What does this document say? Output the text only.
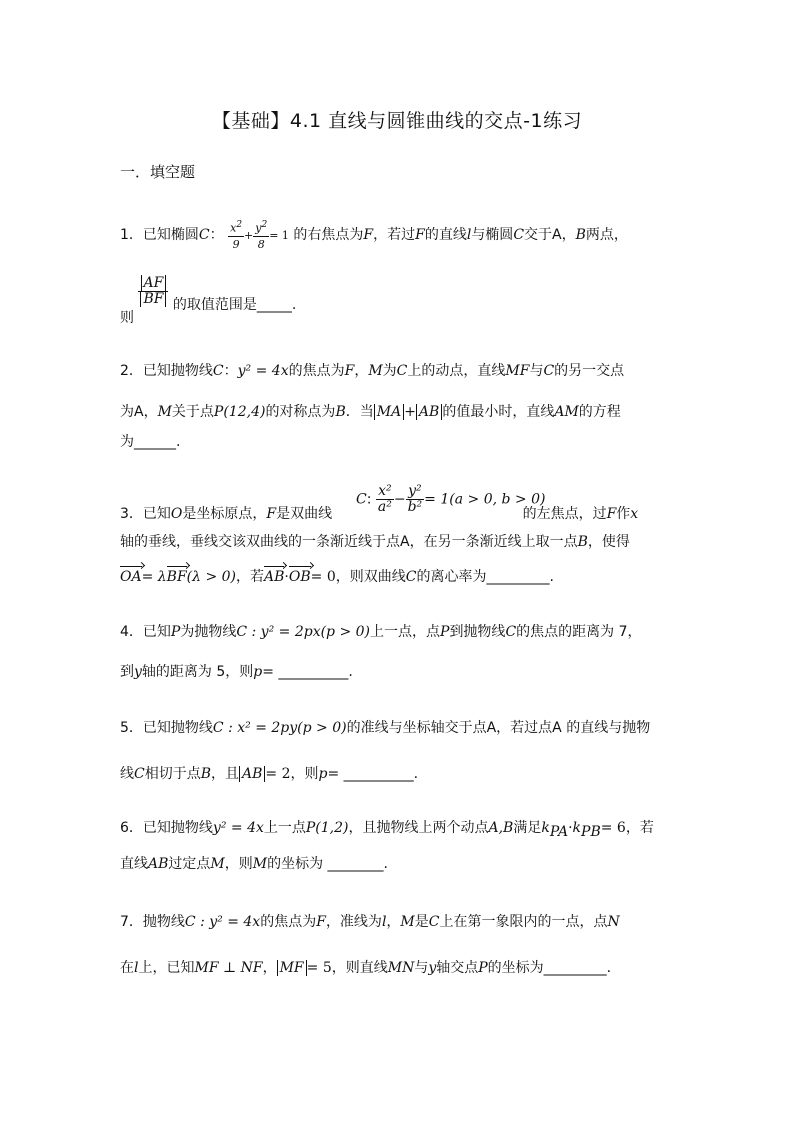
【基础】4.1 直线与圆锥曲线的交点-1练习
一．填空题
1．已知椭圆C： $\frac{x^2}{9} + \frac{y^2}{8} = 1$ 的右焦点为F，若过F的直线l与椭圆C交于A，B两点，
则
$\frac{AF}{BF}$ 的取值范围是_____.
2．已知抛物线C：y² = 4x的焦点为F，M为C上的动点，直线MF与C的另一交点
为A，M关于点P(12,4)的对称点为B．当 MA + AB 的值最小时，直线AM的方程
为______.
C: $\frac{\text{x²}}{\text{a²}} - \frac{\text{y²}}{\text{b²}} = 1(a > 0$, b > 0)
3．已知O是坐标原点，F是双曲线	的左焦点，过F作x
轴的垂线，垂线交该双曲线的一条渐近线于点A，在另一条渐近线上取一点B，使得
OA= λBF(λ > 0)，若AB·OB= 0，则双曲线C的离心率为_________.
4．已知P为抛物线C : y² = 2px(p > 0)上一点，点P到抛物线C的焦点的距离为 7，
到y轴的距离为 5，则p= __________.
5．已知抛物线C : x² = 2py(p > 0)的准线与坐标轴交于点A，若过点A 的直线与抛物
线C相切于点B，且 AB = 2，则p= __________.
6．已知抛物线y² = 4x上一点P(1,2)，且抛物线上两个动点A,B满足$k_{PA}\cdot k_{PB}= 6$，若
直线AB过定点M，则M的坐标为 ________.
7．抛物线C : y² = 4x的焦点为F，准线为l，M是C上在第一象限内的一点，点N
在l上，已知MF ⊥ NF， MF = 5，则直线MN与y轴交点P的坐标为_________.
